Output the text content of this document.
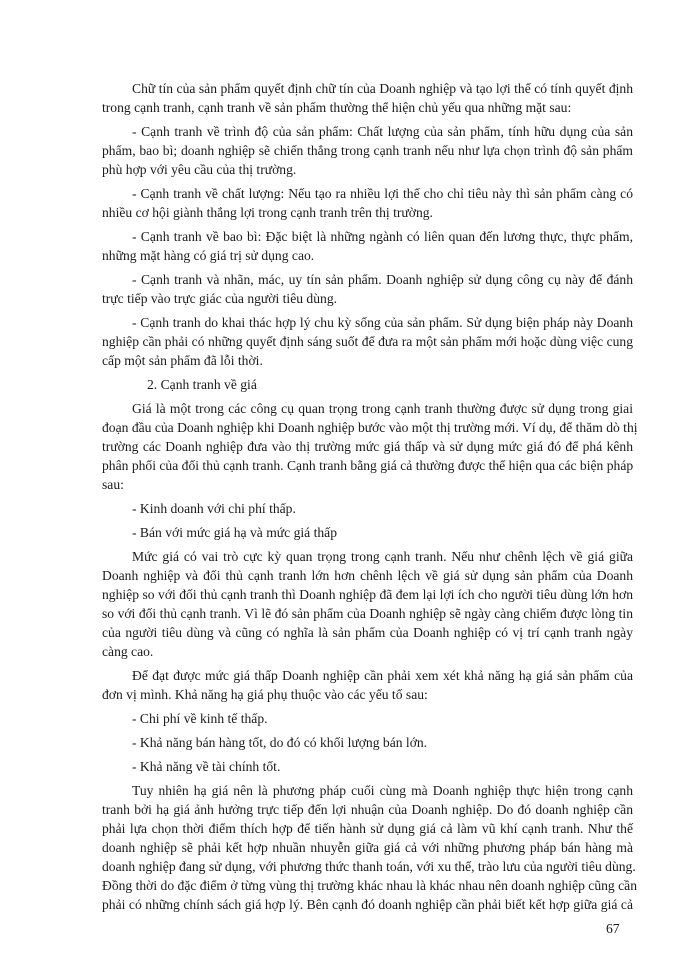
Chữ tín của sản phẩm quyết định chữ tín của Doanh nghiệp và tạo lợi thế có tính quyết định
trong cạnh tranh, cạnh tranh về sản phẩm thường thể hiện chủ yếu qua những mặt sau:
- Cạnh tranh về trình độ của sản phẩm: Chất lượng của sản phẩm, tính hữu dụng của sản
phẩm, bao bì; doanh nghiệp sẽ chiến thắng trong cạnh tranh nếu như lựa chọn trình độ sản phẩm
phù hợp với yêu cầu của thị trường.
- Cạnh tranh về chất lượng: Nếu tạo ra nhiều lợi thế cho chỉ tiêu này thì sản phẩm càng có
nhiều cơ hội giành thắng lợi trong cạnh tranh trên thị trường.
- Cạnh tranh về bao bì: Đặc biệt là những ngành có liên quan đến lương thực, thực phẩm,
những mặt hàng có giá trị sử dụng cao.
- Cạnh tranh và nhãn, mác, uy tín sản phẩm. Doanh nghiệp sử dụng công cụ này để đánh
trực tiếp vào trực giác của người tiêu dùng.
- Cạnh tranh do khai thác hợp lý chu kỳ sống của sản phẩm. Sử dụng biện pháp này Doanh
nghiệp cần phải có những quyết định sáng suốt để đưa ra một sản phẩm mới hoặc dùng việc cung
cấp một sản phẩm đã lỗi thời.
2. Cạnh tranh về giá
Giá là một trong các công cụ quan trọng trong cạnh tranh thường được sử dụng trong giai
đoạn đầu của Doanh nghiệp khi Doanh nghiệp bước vào một thị trường mới. Ví dụ, để thăm dò thị
trường các Doanh nghiệp đưa vào thị trường mức giá thấp và sử dụng mức giá đó để phá kênh
phân phối của đối thủ cạnh tranh. Cạnh tranh bằng giá cả thường được thể hiện qua các biện pháp
sau:
- Kinh doanh với chi phí thấp.
- Bán với mức giá hạ và mức giá thấp
Mức giá có vai trò cực kỳ quan trọng trong cạnh tranh. Nếu như chênh lệch về giá giữa
Doanh nghiệp và đối thủ cạnh tranh lớn hơn chênh lệch về giá sử dụng sản phẩm của Doanh
nghiệp so với đối thủ cạnh tranh thì Doanh nghiệp đã đem lại lợi ích cho người tiêu dùng lớn hơn
so với đối thủ cạnh tranh. Vì lẽ đó sản phẩm của Doanh nghiệp sẽ ngày càng chiếm được lòng tin
của người tiêu dùng và cũng có nghĩa là sản phẩm của Doanh nghiệp có vị trí cạnh tranh ngày
càng cao.
Để đạt được mức giá thấp Doanh nghiệp cần phải xem xét khả năng hạ giá sản phẩm của
đơn vị mình. Khả năng hạ giá phụ thuộc vào các yếu tố sau:
- Chi phí về kinh tế thấp.
- Khả năng bán hàng tốt, do đó có khối lượng bán lớn.
- Khả năng về tài chính tốt.
Tuy nhiên hạ giá nên là phương pháp cuối cùng mà Doanh nghiệp thực hiện trong cạnh
tranh bởi hạ giá ảnh hưởng trực tiếp đến lợi nhuận của Doanh nghiệp. Do đó doanh nghiệp cần
phải lựa chọn thời điểm thích hợp để tiến hành sử dụng giá cả làm vũ khí cạnh tranh. Như thế
doanh nghiệp sẽ phải kết hợp nhuần nhuyễn giữa giá cả với những phương pháp bán hàng mà
doanh nghiệp đang sử dụng, với phương thức thanh toán, với xu thế, trào lưu của người tiêu dùng.
Đồng thời do đặc điểm ở từng vùng thị trường khác nhau là khác nhau nên doanh nghiệp cũng cần
phải có những chính sách giá hợp lý. Bên cạnh đó doanh nghiệp cần phải biết kết hợp giữa giá cả
67
